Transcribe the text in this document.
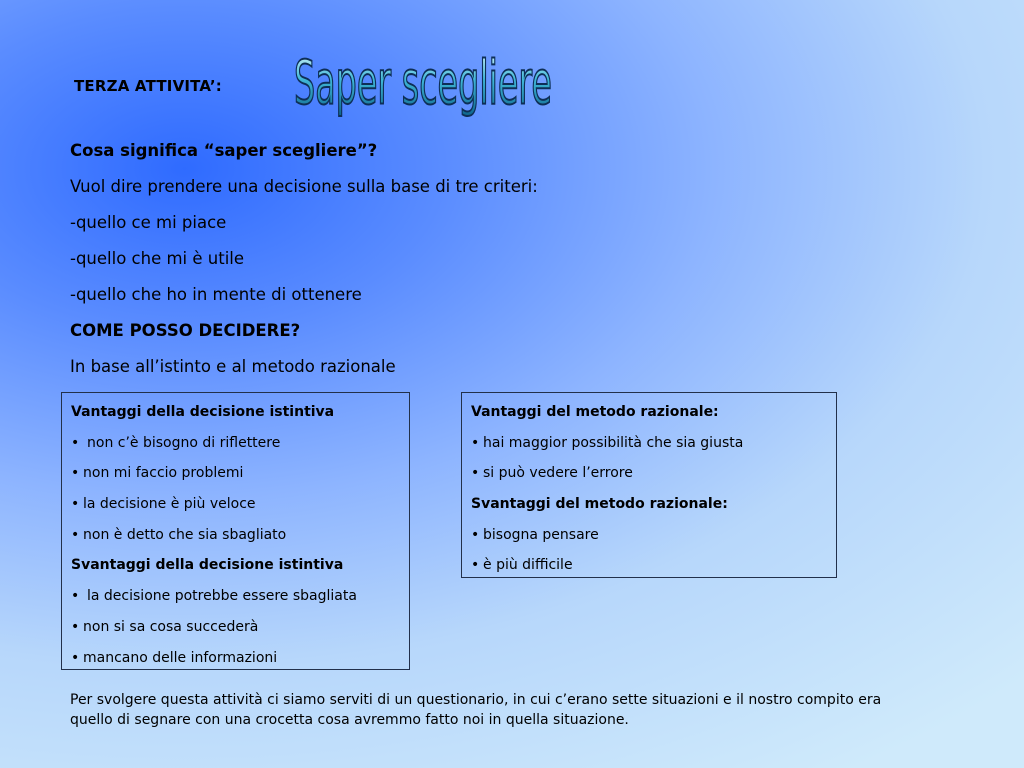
TERZA ATTIVITA’: Saper scegliere
Cosa significa “saper scegliere”?
Vuol dire prendere una decisione sulla base di tre criteri:
-quello ce mi piace
-quello che mi è utile
-quello che ho in mente di ottenere
COME POSSO DECIDERE?
In base all’istinto e al metodo razionale
Vantaggi della decisione istintiva
• non c’è bisogno di riflettere
• non mi faccio problemi
• la decisione è più veloce
• non è detto che sia sbagliato
Svantaggi della decisione istintiva
• la decisione potrebbe essere sbagliata
• non si sa cosa succederà
• mancano delle informazioni
Vantaggi del metodo razionale:
• hai maggior possibilità che sia giusta
• si può vedere l’errore
Svantaggi del metodo razionale:
• bisogna pensare
• è più difficile

Per svolgere questa attività ci siamo serviti di un questionario, in cui c’erano sette situazioni e il nostro compito era quello di segnare con una crocetta cosa avremmo fatto noi in quella situazione.
